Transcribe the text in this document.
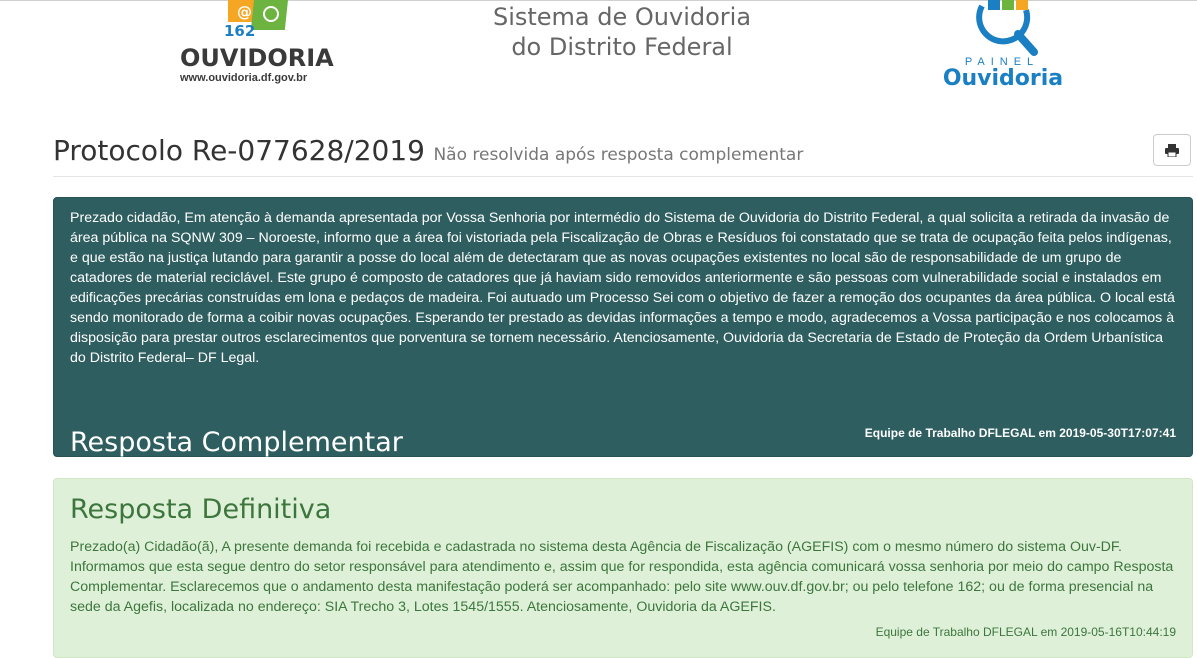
@
162
OUVIDORIA
www.ouvidoria.df.gov.br
Sistema de Ouvidoria
do Distrito Federal
PAINEL
Ouvidoria
Protocolo Re-077628/2019 Não resolvida após resposta complementar
Resposta Complementar

Prezado cidadão, Em atenção à demanda apresentada por Vossa Senhoria por intermédio do Sistema de Ouvidoria do Distrito Federal, a qual solicita a retirada da invasão de área pública na SQNW 309 – Noroeste, informo que a área foi vistoriada pela Fiscalização de Obras e Resíduos foi constatado que se trata de ocupação feita pelos indígenas, e que estão na justiça lutando para garantir a posse do local além de detectaram que as novas ocupações existentes no local são de responsabilidade de um grupo de catadores de material reciclável. Este grupo é composto de catadores que já haviam sido removidos anteriormente e são pessoas com vulnerabilidade social e instalados em edificações precárias construídas em lona e pedaços de madeira. Foi autuado um Processo Sei com o objetivo de fazer a remoção dos ocupantes da área pública. O local está sendo monitorado de forma a coibir novas ocupações. Esperando ter prestado as devidas informações a tempo e modo, agradecemos a Vossa participação e nos colocamos à disposição para prestar outros esclarecimentos que porventura se tornem necessário. Atenciosamente, Ouvidoria da Secretaria de Estado de Proteção da Ordem Urbanística do Distrito Federal– DF Legal.

Equipe de Trabalho DFLEGAL em 2019-05-30T17:07:41
Resposta Definitiva

Prezado(a) Cidadão(ã), A presente demanda foi recebida e cadastrada no sistema desta Agência de Fiscalização (AGEFIS) com o mesmo número do sistema Ouv-DF. Informamos que esta segue dentro do setor responsável para atendimento e, assim que for respondida, esta agência comunicará vossa senhoria por meio do campo Resposta Complementar. Esclarecemos que o andamento desta manifestação poderá ser acompanhado: pelo site www.ouv.df.gov.br; ou pelo telefone 162; ou de forma presencial na sede da Agefis, localizada no endereço: SIA Trecho 3, Lotes 1545/1555. Atenciosamente, Ouvidoria da AGEFIS.

Equipe de Trabalho DFLEGAL em 2019-05-16T10:44:19
